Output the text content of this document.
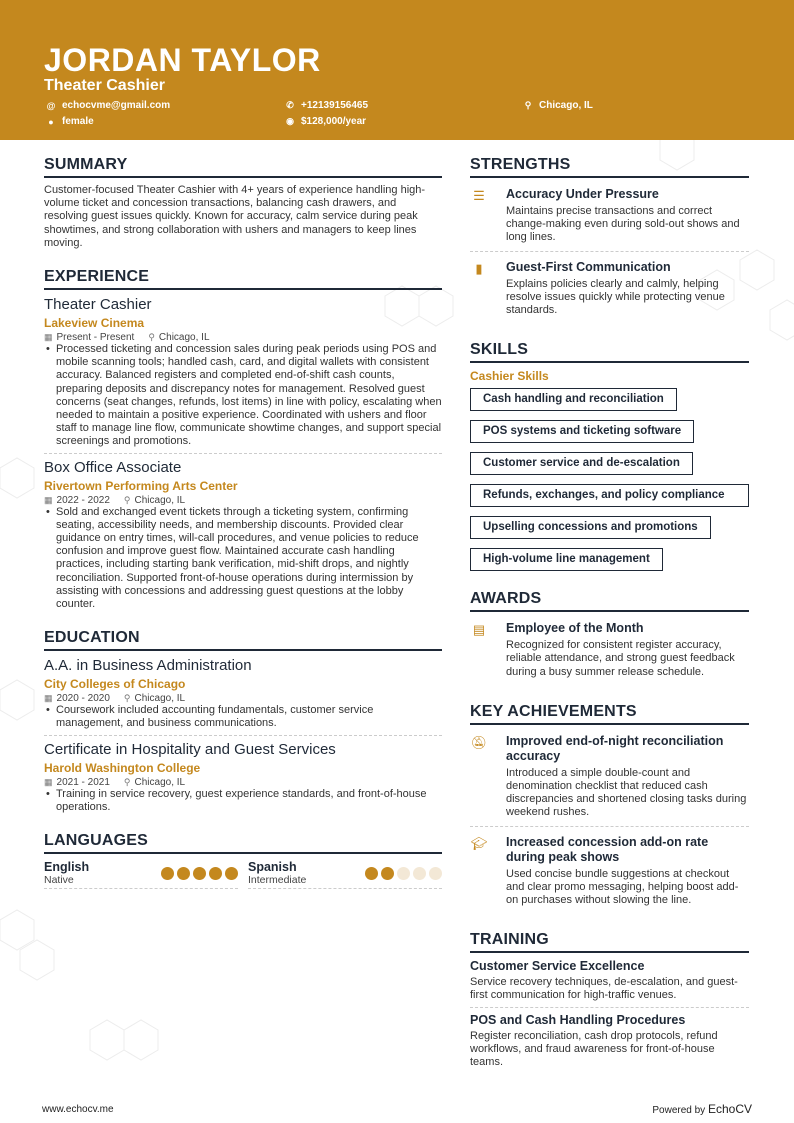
JORDAN TAYLOR
Theater Cashier
@ echocvme@gmail.com	✆ +12139156465	⚲ Chicago, IL
● female	◉ $128,000/year
SUMMARY
Customer-focused Theater Cashier with 4+ years of experience handling high-volume ticket and concession transactions, balancing cash drawers, and resolving guest issues quickly. Known for accuracy, calm service during peak showtimes, and strong collaboration with ushers and managers to keep lines moving.
EXPERIENCE
Theater Cashier
Lakeview Cinema
▦ Present - Present ⚲ Chicago, IL
• Processed ticketing and concession sales during peak periods using POS and mobile scanning tools; handled cash, card, and digital wallets with consistent accuracy. Balanced registers and completed end-of-shift cash counts, preparing deposits and discrepancy notes for management. Resolved guest concerns (seat changes, refunds, lost items) in line with policy, escalating when needed to maintain a positive experience. Coordinated with ushers and floor staff to manage line flow, communicate showtime changes, and support special screenings and promotions.
Box Office Associate
Rivertown Performing Arts Center
▦ 2022 - 2022 ⚲ Chicago, IL
• Sold and exchanged event tickets through a ticketing system, confirming seating, accessibility needs, and membership discounts. Provided clear guidance on entry times, will-call procedures, and venue policies to reduce confusion and improve guest flow. Maintained accurate cash handling practices, including starting bank verification, mid-shift drops, and nightly reconciliation. Supported front-of-house operations during intermission by assisting with concessions and addressing guest questions at the lobby counter.
EDUCATION
A.A. in Business Administration
City Colleges of Chicago
▦ 2020 - 2020 ⚲ Chicago, IL
• Coursework included accounting fundamentals, customer service management, and business communications.
Certificate in Hospitality and Guest Services
Harold Washington College
▦ 2021 - 2021 ⚲ Chicago, IL
• Training in service recovery, guest experience standards, and front-of-house operations.
LANGUAGES
English
Native
Spanish
Intermediate
STRENGTHS
☰ Accuracy Under Pressure
Maintains precise transactions and correct change-making even during sold-out shows and long lines.
▮	Guest-First Communication
Explains policies clearly and calmly, helping resolve issues quickly while protecting venue standards.
SKILLS
Cashier Skills
Cash handling and reconciliation
POS systems and ticketing software
Customer service and de-escalation
Refunds, exchanges, and policy compliance
Upselling concessions and promotions
High-volume line management
AWARDS
▤ Employee of the Month
Recognized for consistent register accuracy, reliable attendance, and strong guest feedback during a busy summer release schedule.
KEY ACHIEVEMENTS
🔕︎ Improved end-of-night reconciliation accuracy
Introduced a simple double-count and denomination checklist that reduced cash discrepancies and shortened closing tasks during weekend rushes.
🎓︎ Increased concession add-on rate during peak shows
Used concise bundle suggestions at checkout and clear promo messaging, helping boost add-on purchases without slowing the line.
TRAINING
Customer Service Excellence
Service recovery techniques, de-escalation, and guest-first communication for high-traffic venues.
POS and Cash Handling Procedures
Register reconciliation, cash drop protocols, refund workflows, and fraud awareness for front-of-house teams.
www.echocv.me	Powered by EchoCV
